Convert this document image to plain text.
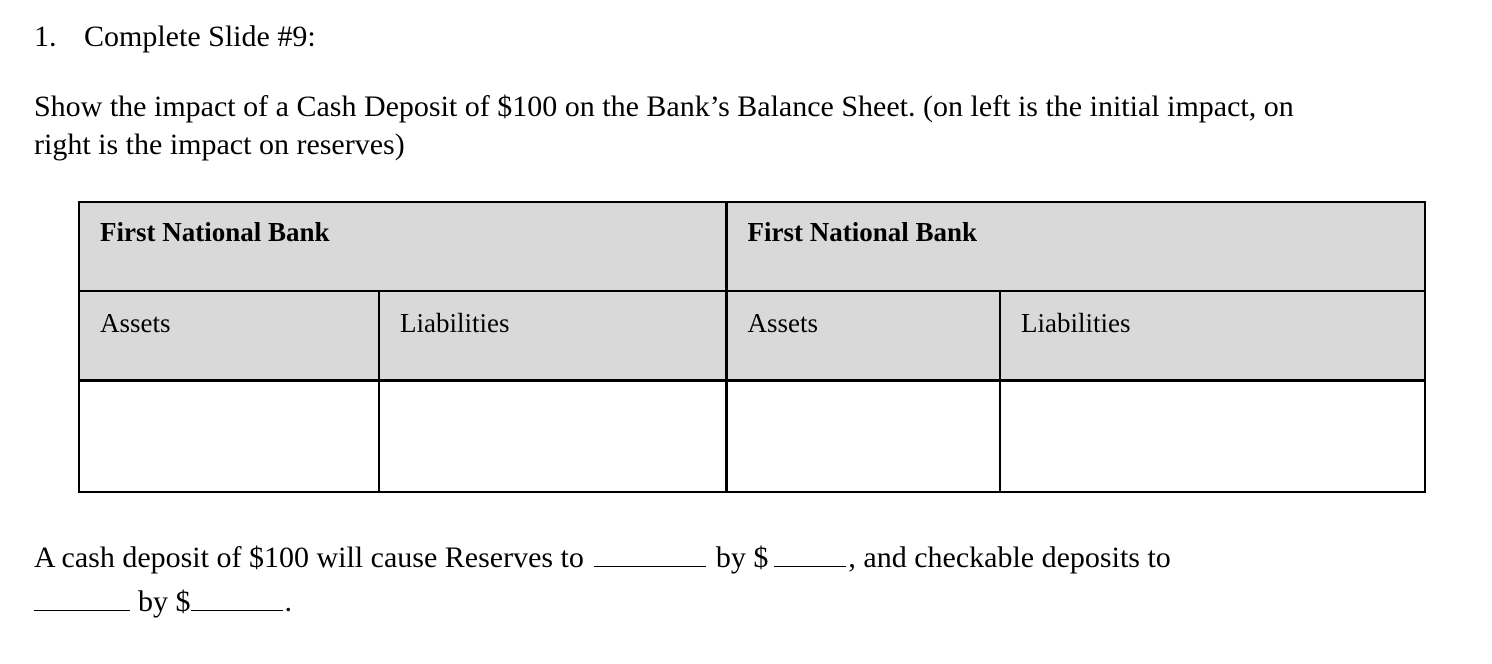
1. Complete Slide #9:
Show the impact of a Cash Deposit of $100 on the Bank’s Balance Sheet. (on left is the initial impact, on right is the impact on reserves)
First National Bank		First National Bank	
Assets	Liabilities	Assets	Liabilities

A cash deposit of $100 will cause Reserves to	by $	, and checkable deposits to
by $	.
